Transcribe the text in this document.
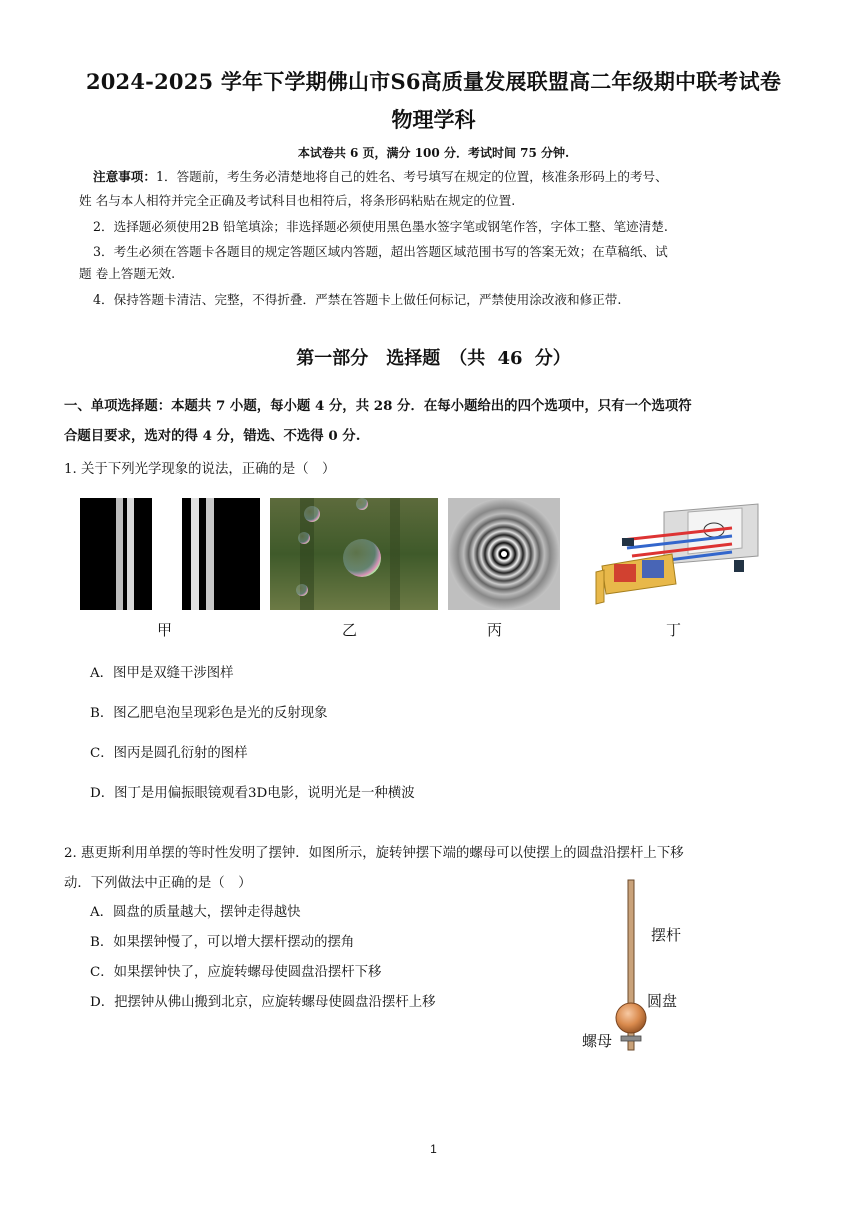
2024-2025 学年下学期佛山市S6高质量发展联盟高二年级期中联考试卷
物理学科
本试卷共 6 页，满分 100 分．考试时间 75 分钟.
注意事项：1．答题前，考生务必清楚地将自己的姓名、考号填写在规定的位置，核准条形码上的考号、
姓 名与本人相符并完全正确及考试科目也相符后，将条形码粘贴在规定的位置.
2．选择题必须使用2B 铅笔填涂；非选择题必须使用黑色墨水签字笔或钢笔作答，字体工整、笔迹清楚.
3．考生必须在答题卡各题目的规定答题区域内答题，超出答题区域范围书写的答案无效；在草稿纸、试
题 卷上答题无效.
4．保持答题卡清洁、完整，不得折叠．严禁在答题卡上做任何标记，严禁使用涂改液和修正带.
第一部分　选择题　（共 46 分）
一、单项选择题：本题共 7 小题，每小题 4 分，共 28 分．在每小题给出的四个选项中，只有一个选项符
合题目要求，选对的得 4 分，错选、不选得 0 分.
1. 关于下列光学现象的说法，正确的是（　）
甲	乙	丙	丁
A．图甲是双缝干涉图样
B．图乙肥皂泡呈现彩色是光的反射现象
C．图丙是圆孔衍射的图样
D．图丁是用偏振眼镜观看3D电影，说明光是一种横波
2. 惠更斯利用单摆的等时性发明了摆钟．如图所示，旋转钟摆下端的螺母可以使摆上的圆盘沿摆杆上下移
动．下列做法中正确的是（　）
A．圆盘的质量越大，摆钟走得越快
B．如果摆钟慢了，可以增大摆杆摆动的摆角
C．如果摆钟快了，应旋转螺母使圆盘沿摆杆下移
D．把摆钟从佛山搬到北京，应旋转螺母使圆盘沿摆杆上移
摆杆
圆盘
螺母
1
